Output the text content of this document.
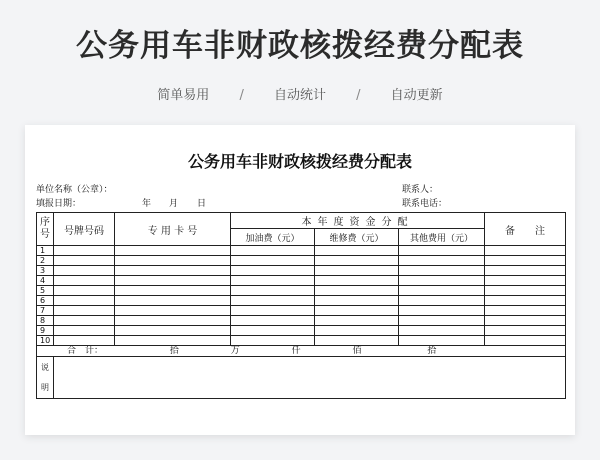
公务用车非财政核拨经费分配表
简单易用 / 自动统计 / 自动更新
公务用车非财政核拨经费分配表
单位名称（公章）：	联系人：
填报日期：	年 月 日	联系电话：
序号	号牌号码	专 用 卡 号	本年度资金分配			备　　注
			加油费（元）	维修费（元）	其他费用（元）	
1						
2						
3						
4						
5						
6						
7						
8						
9						
10						
合　计： 拾 万 仟 佰 拾						

说
明						
